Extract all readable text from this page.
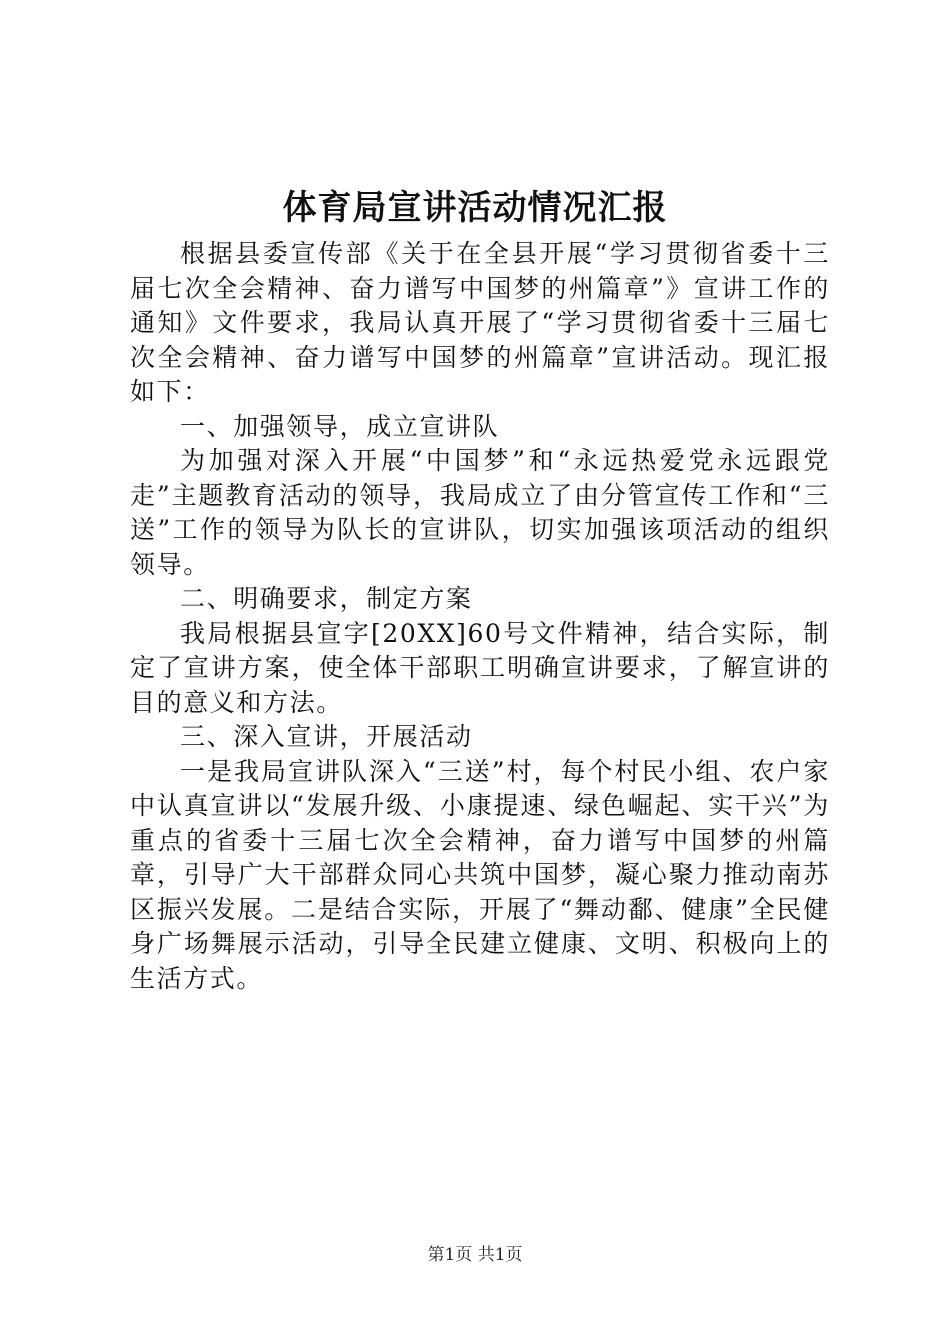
体育局宣讲活动情况汇报

根据县委宣传部《关于在全县开展“学习贯彻省委十三届七次全会精神、奋力谱写中国梦的州篇章”》宣讲工作的通知》文件要求，我局认真开展了“学习贯彻省委十三届七次全会精神、奋力谱写中国梦的州篇章”宣讲活动。现汇报如下：

一、加强领导，成立宣讲队

为加强对深入开展“中国梦”和“永远热爱党永远跟党走”主题教育活动的领导，我局成立了由分管宣传工作和“三送”工作的领导为队长的宣讲队，切实加强该项活动的组织领导。

二、明确要求，制定方案

我局根据县宣字[20XX]60号文件精神，结合实际，制定了宣讲方案，使全体干部职工明确宣讲要求，了解宣讲的目的意义和方法。

三、深入宣讲，开展活动

一是我局宣讲队深入“三送”村，每个村民小组、农户家中认真宣讲以“发展升级、小康提速、绿色崛起、实干兴”为重点的省委十三届七次全会精神，奋力谱写中国梦的州篇章，引导广大干部群众同心共筑中国梦，凝心聚力推动南苏区振兴发展。二是结合实际，开展了“舞动鄱、健康”全民健身广场舞展示活动，引导全民建立健康、文明、积极向上的生活方式。

第1页 共1页
